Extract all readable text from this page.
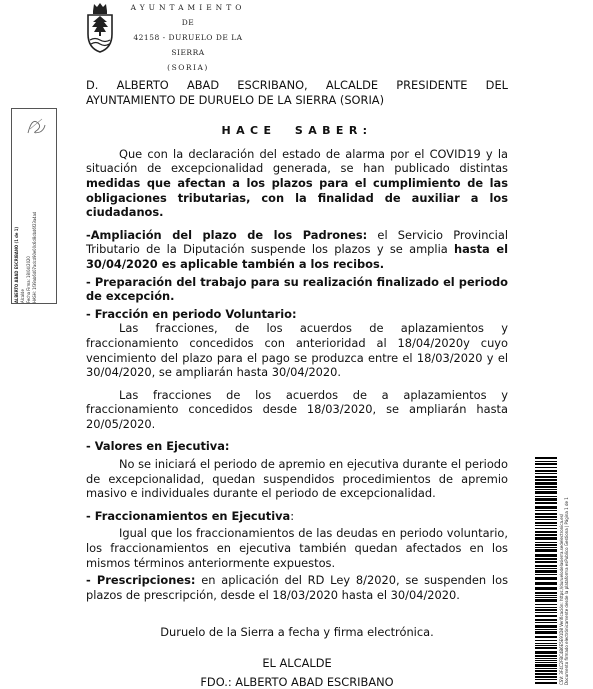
AYUNTAMIENTO
DE
42158 - DURUELO DE LA SIERRA
(SORIA)
ALBERTO ABAD ESCRIBANO (1 de 1) Alcalde Fecha Firma: 18/04/2020 HASH: 1f39ab6d07adcd90e00c6d8dbd6f23a4ad
CSV: 3F4C2FBC4B6E5E91D8 Verificación: https://duruelodelasierra.sedelectronica.es/ Documento firmado electrónicamente desde la plataforma esPublico Gestiona | Página 1 de 1

D. ALBERTO ABAD ESCRIBANO, ALCALDE PRESIDENTE DEL AYUNTAMIENTO DE DURUELO DE LA SIERRA (SORIA)

HACE  SABER:

Que con la declaración del estado de alarma por el COVID19 y la situación de excepcionalidad generada, se han publicado distintas medidas que afectan a los plazos para el cumplimiento de las obligaciones tributarias, con la finalidad de auxiliar a los ciudadanos.

-Ampliación del plazo de los Padrones: el Servicio Provincial Tributario de la Diputación suspende los plazos y se amplia hasta el 30/04/2020 es aplicable también a los recibos.

- Preparación del trabajo para su realización finalizado el periodo de excepción.

- Fracción en periodo Voluntario:

Las fracciones, de los acuerdos de aplazamientos y fraccionamiento concedidos con anterioridad al 18/04/2020y cuyo vencimiento del plazo para el pago se produzca entre el 18/03/2020 y el 30/04/2020, se ampliarán hasta 30/04/2020.

Las fracciones de los acuerdos de a aplazamientos y fraccionamiento concedidos desde 18/03/2020, se ampliarán hasta 20/05/2020.

- Valores en Ejecutiva:

No se iniciará el periodo de apremio en ejecutiva durante el periodo de excepcionalidad, quedan suspendidos procedimientos de apremio masivo e individuales durante el periodo de excepcionalidad.

- Fraccionamientos en Ejecutiva:

Igual que los fraccionamientos de las deudas en periodo voluntario, los fraccionamientos en ejecutiva también quedan afectados en los mismos términos anteriormente expuestos.

- Prescripciones: en aplicación del RD Ley 8/2020, se suspenden los plazos de prescripción, desde el 18/03/2020 hasta el 30/04/2020.

Duruelo de la Sierra a fecha y firma electrónica.

EL ALCALDE

FDO.: ALBERTO ABAD ESCRIBANO
